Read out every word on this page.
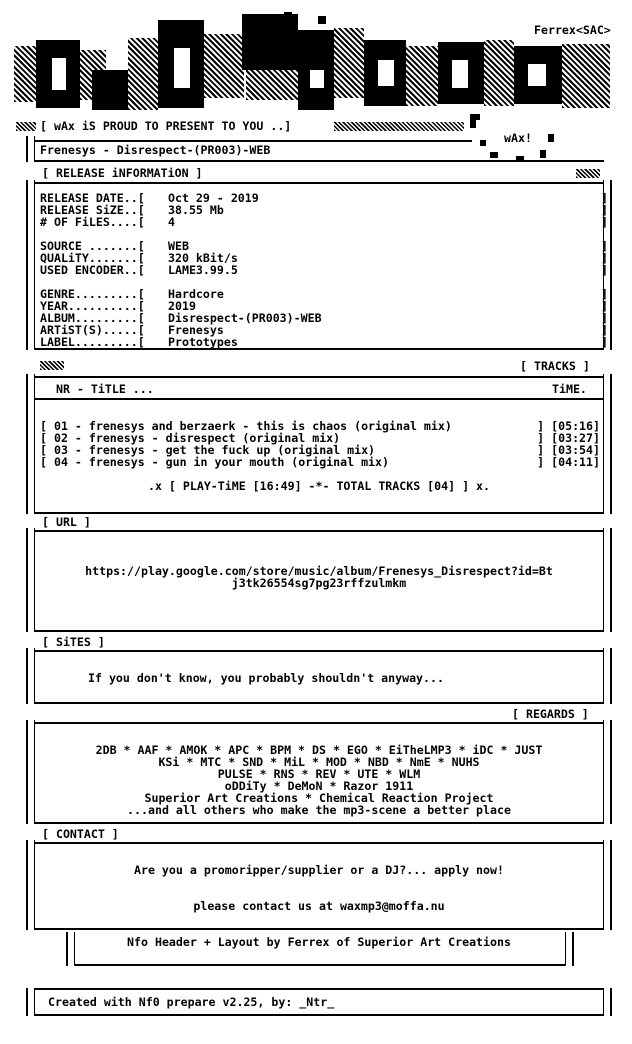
Ferrex<SAC>
[ wAx iS PROUD TO PRESENT TO YOU ..]
wAx!
Frenesys - Disrespect-(PR003)-WEB
[ RELEASE iNFORMATiON ]
RELEASE DATE..[ Oct 29 - 2019	]
RELEASE SiZE..[ 38.55 Mb	]
# OF FiLES....[ 4	]
SOURCE .......[ WEB	]
QUALiTY.......[ 320 kBit/s	]
USED ENCODER..[ LAME3.99.5	]
GENRE.........[ Hardcore	]
YEAR..........[ 2019	]
ALBUM.........[ Disrespect-(PR003)-WEB	]
ARTiST(S).....[ Frenesys	]
LABEL.........[ Prototypes	]
[ TRACKS ]
NR - TiTLE ...	TiME.
[ 01 - frenesys and berzaerk - this is chaos (original mix)	] [05:16]
[ 02 - frenesys - disrespect (original mix)	] [03:27]
[ 03 - frenesys - get the fuck up (original mix)	] [03:54]
[ 04 - frenesys - gun in your mouth (original mix)	] [04:11]
.x [ PLAY-TiME [16:49] -*- TOTAL TRACKS [04] ] x.
[ URL ]
https://play.google.com/store/music/album/Frenesys_Disrespect?id=Bt
j3tk26554sg7pg23rffzulmkm
[ SiTES ]
If you don't know, you probably shouldn't anyway...
[ REGARDS ]
2DB * AAF * AMOK * APC * BPM * DS * EGO * EiTheLMP3 * iDC * JUST
KSi * MTC * SND * MiL * MOD * NBD * NmE * NUHS
PULSE * RNS * REV * UTE * WLM
oDDiTy * DeMoN * Razor 1911
Superior Art Creations * Chemical Reaction Project
...and all others who make the mp3-scene a better place
[ CONTACT ]
Are you a promoripper/supplier or a DJ?... apply now!
please contact us at waxmp3@moffa.nu
Nfo Header + Layout by Ferrex of Superior Art Creations
Created with Nf0 prepare v2.25, by: _Ntr_
